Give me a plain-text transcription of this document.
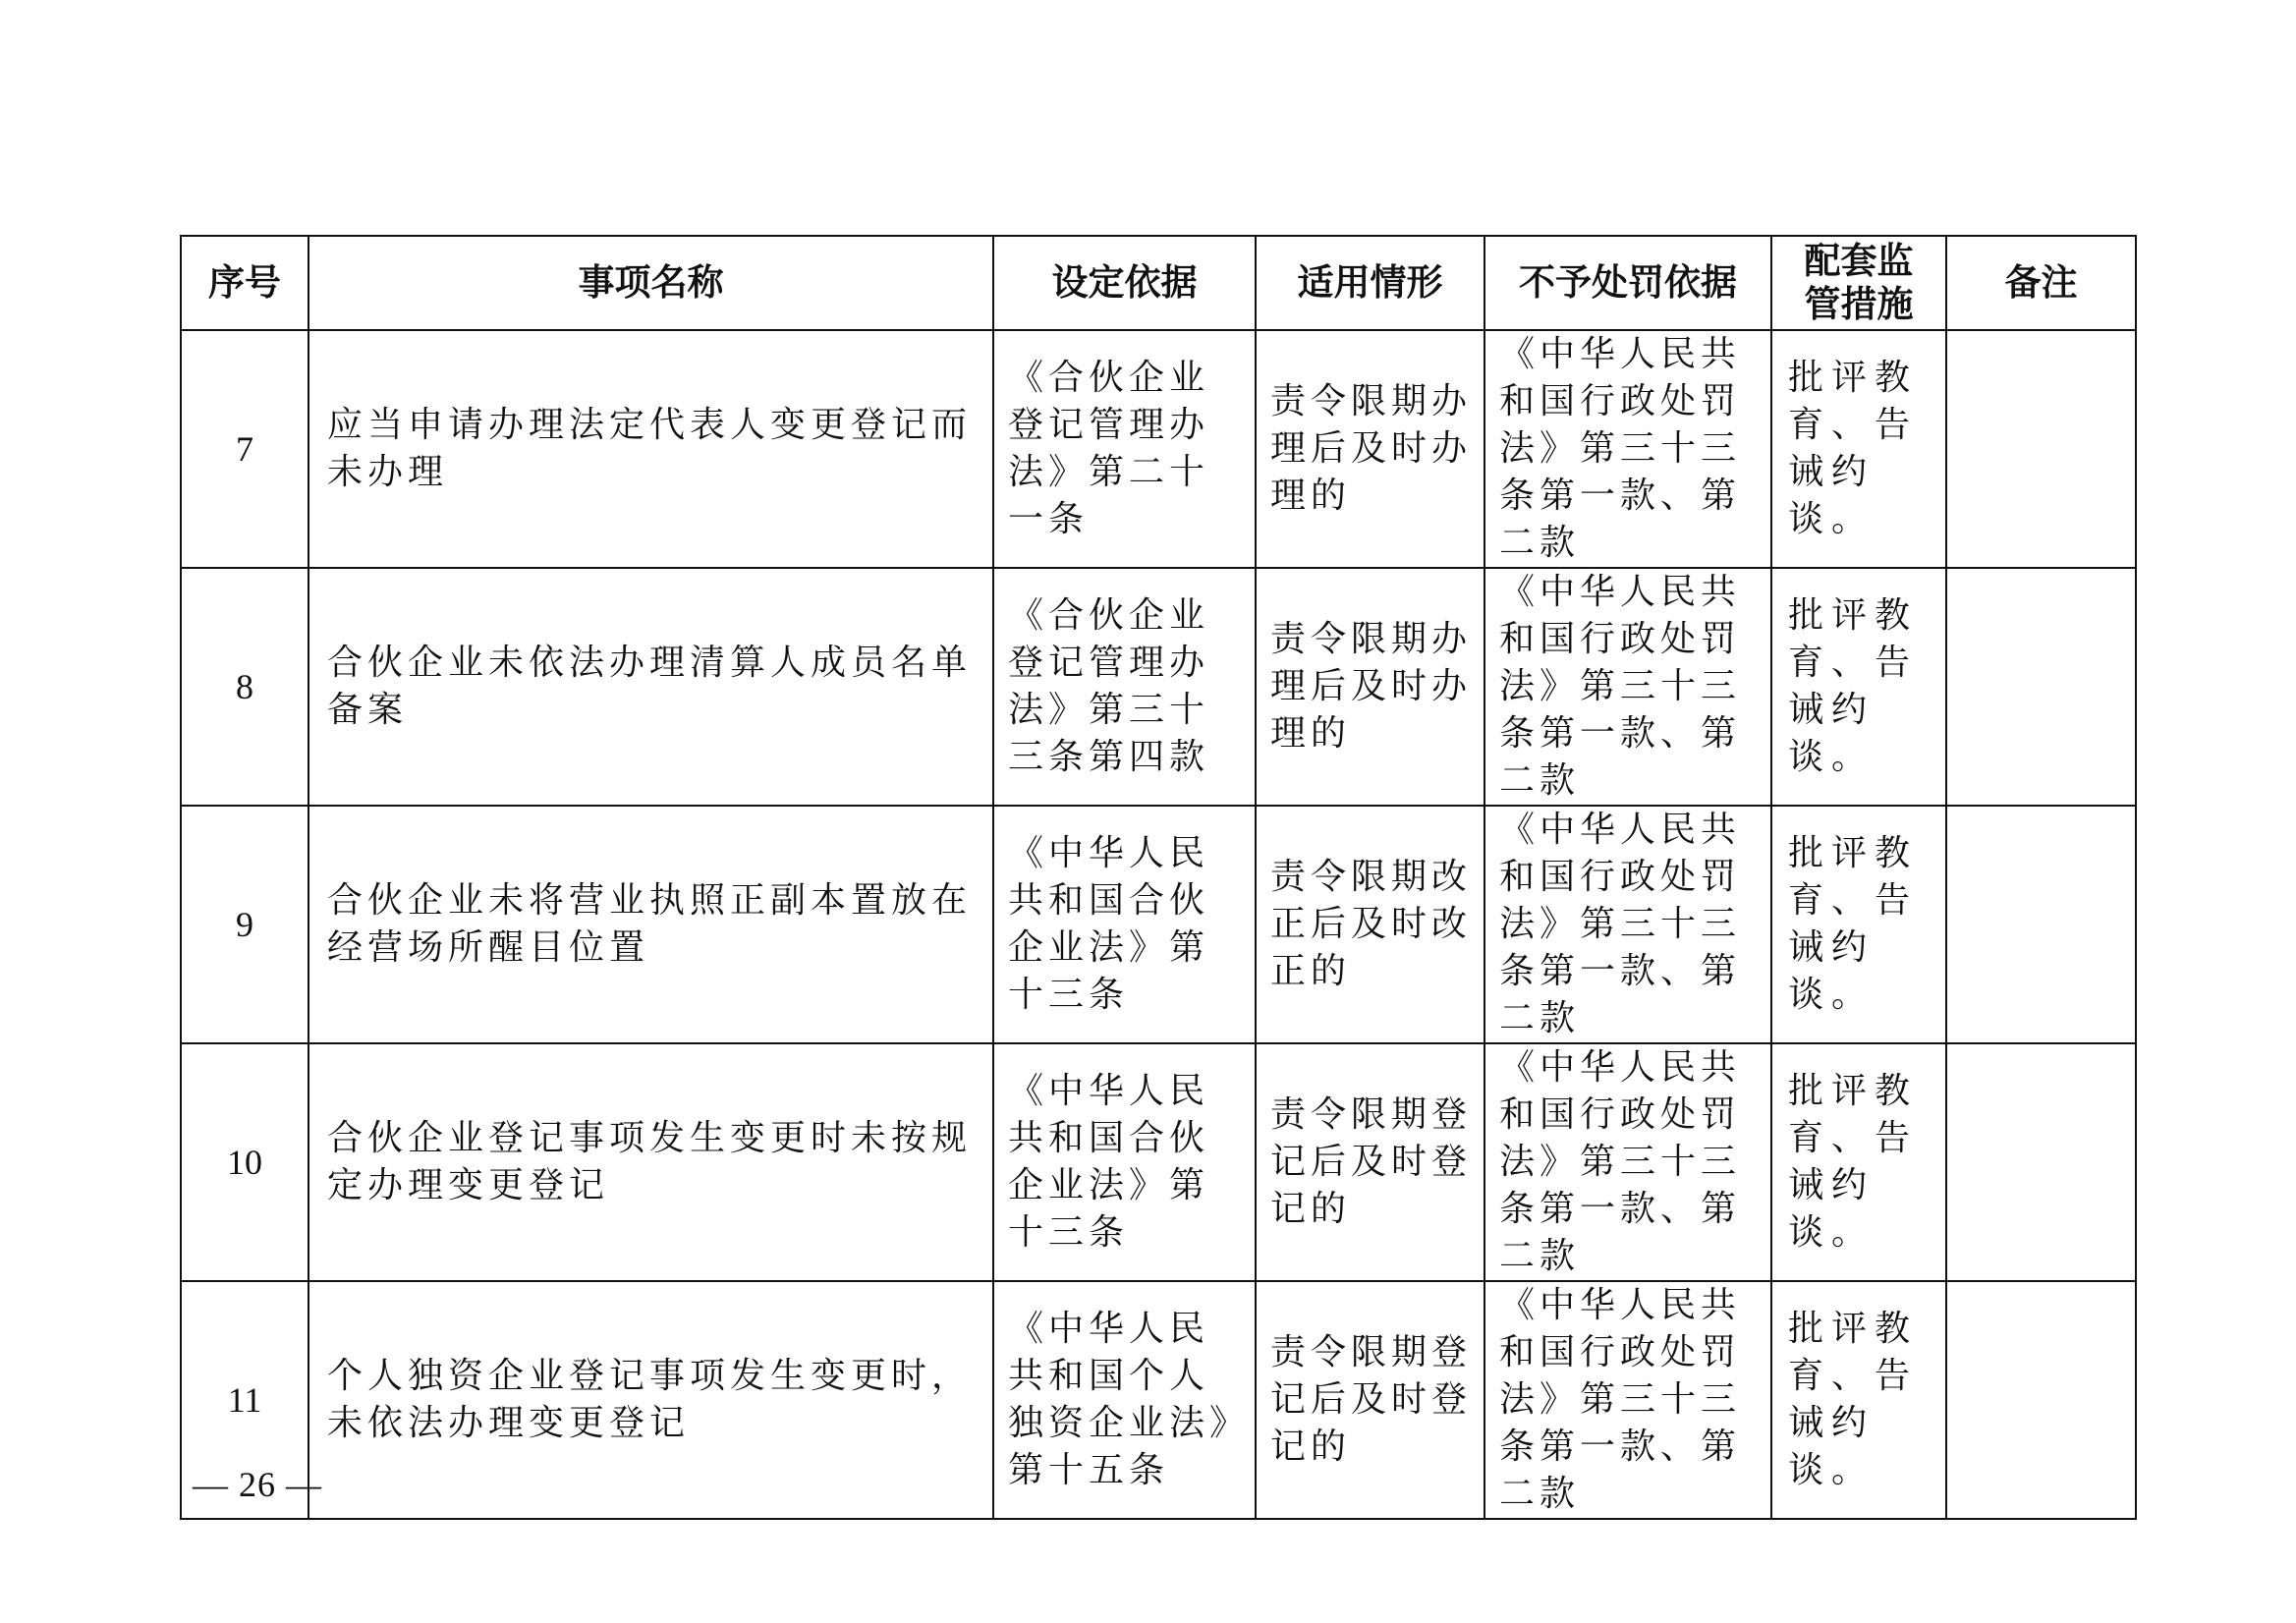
序号	事项名称	设定依据	适用情形	不予处罚依据	配套监管措施	备注
7	应当申请办理法定代表人变更登记而未办理	《合伙企业登记管理办法》第二十一条	责令限期办理后及时办理的	《中华人民共和国行政处罚法》第三十三条第一款、第二款	批评教育、告诫约谈。	
8	合伙企业未依法办理清算人成员名单备案	《合伙企业登记管理办法》第三十三条第四款	责令限期办理后及时办理的	《中华人民共和国行政处罚法》第三十三条第一款、第二款	批评教育、告诫约谈。	
9	合伙企业未将营业执照正副本置放在经营场所醒目位置	《中华人民共和国合伙企业法》第十三条	责令限期改正后及时改正的	《中华人民共和国行政处罚法》第三十三条第一款、第二款	批评教育、告诫约谈。	
10	合伙企业登记事项发生变更时未按规定办理变更登记	《中华人民共和国合伙企业法》第十三条	责令限期登记后及时登记的	《中华人民共和国行政处罚法》第三十三条第一款、第二款	批评教育、告诫约谈。	
11	个人独资企业登记事项发生变更时，未依法办理变更登记	《中华人民共和国个人独资企业法》第十五条	责令限期登记后及时登记的	《中华人民共和国行政处罚法》第三十三条第一款、第二款	批评教育、告诫约谈。	
— 26 —
